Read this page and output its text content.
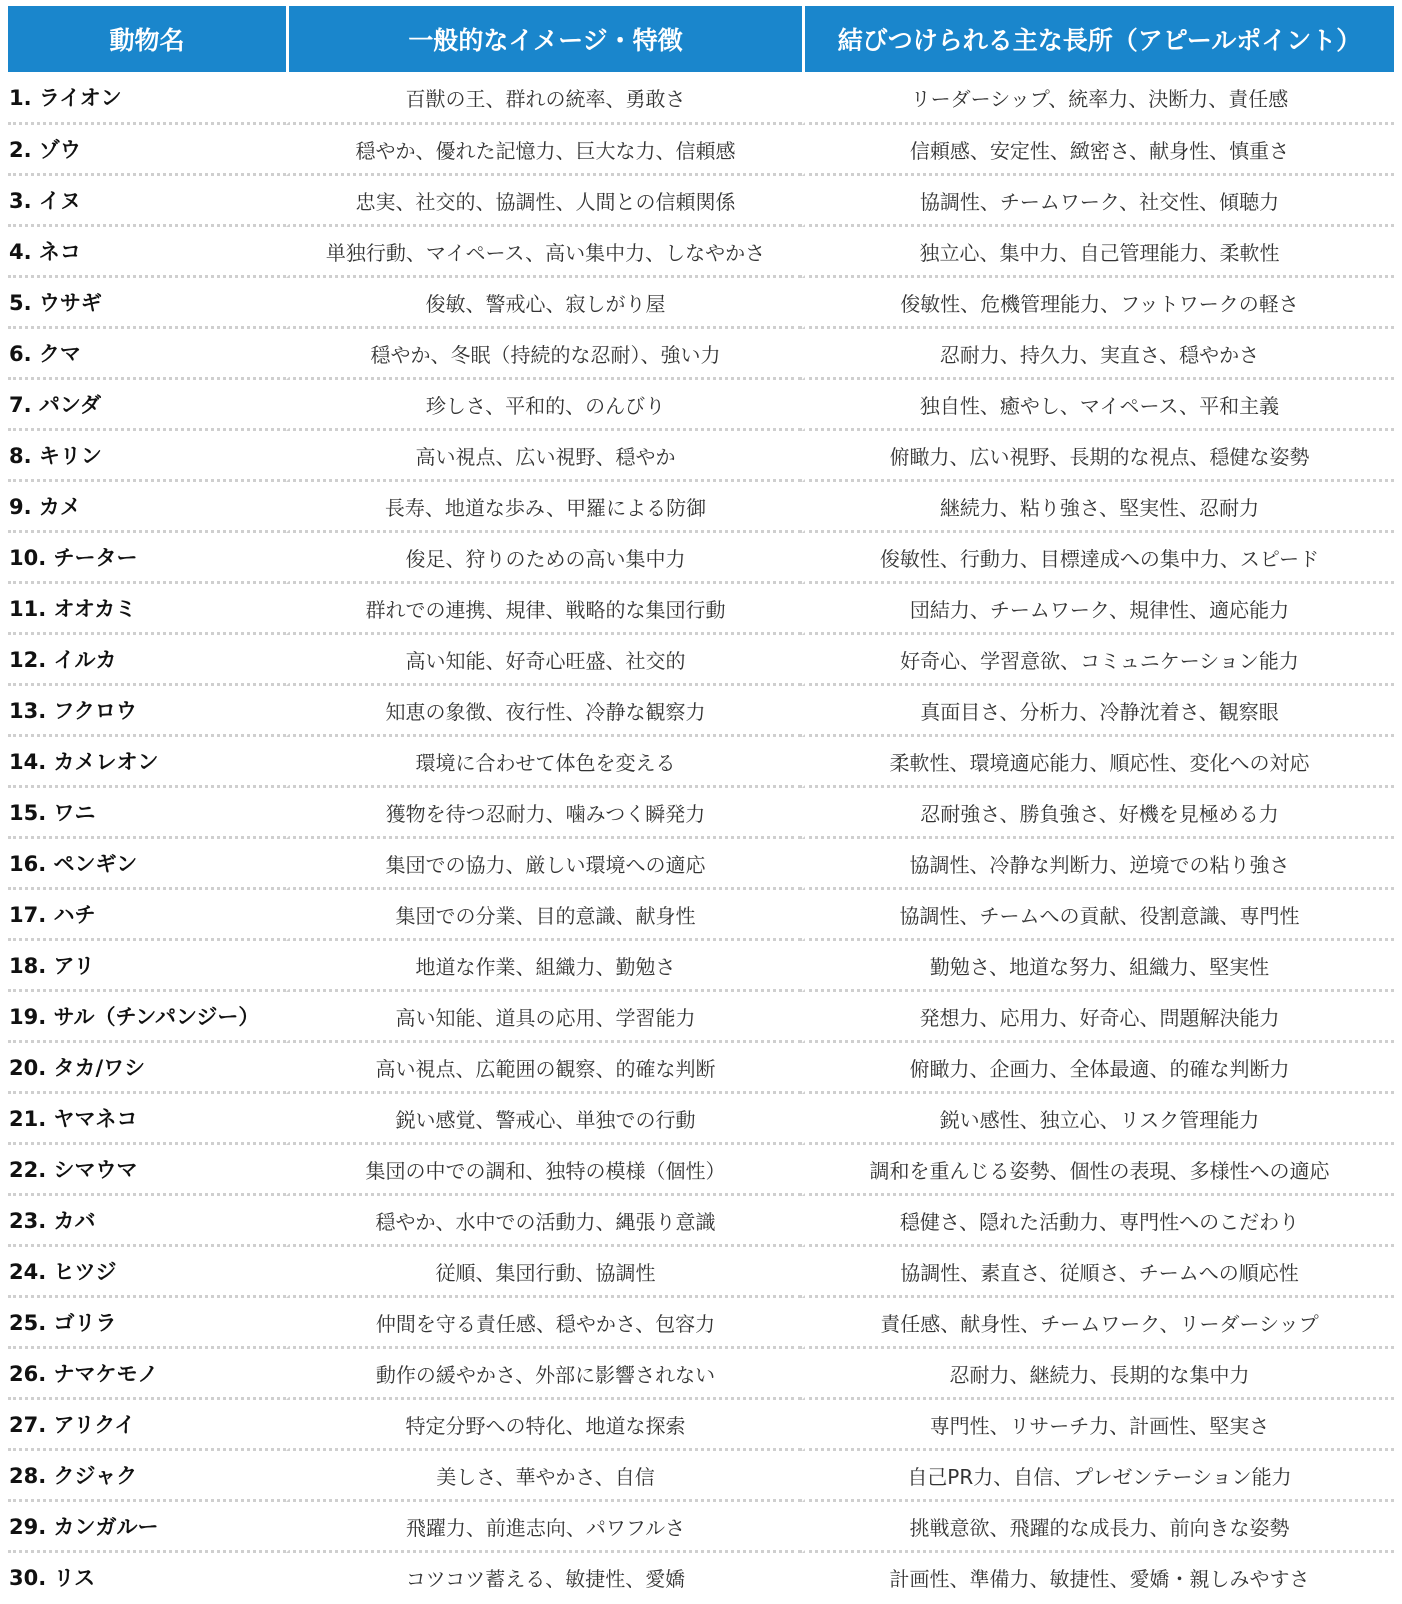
動物名	一般的なイメージ・特徴	結びつけられる主な長所（アピールポイント）
1. ライオン	百獣の王、群れの統率、勇敢さ	リーダーシップ、統率力、決断力、責任感
2. ゾウ	穏やか、優れた記憶力、巨大な力、信頼感	信頼感、安定性、緻密さ、献身性、慎重さ
3. イヌ	忠実、社交的、協調性、人間との信頼関係	協調性、チームワーク、社交性、傾聴力
4. ネコ	単独行動、マイペース、高い集中力、しなやかさ	独立心、集中力、自己管理能力、柔軟性
5. ウサギ	俊敏、警戒心、寂しがり屋	俊敏性、危機管理能力、フットワークの軽さ
6. クマ	穏やか、冬眠（持続的な忍耐）、強い力	忍耐力、持久力、実直さ、穏やかさ
7. パンダ	珍しさ、平和的、のんびり	独自性、癒やし、マイペース、平和主義
8. キリン	高い視点、広い視野、穏やか	俯瞰力、広い視野、長期的な視点、穏健な姿勢
9. カメ	長寿、地道な歩み、甲羅による防御	継続力、粘り強さ、堅実性、忍耐力
10. チーター	俊足、狩りのための高い集中力	俊敏性、行動力、目標達成への集中力、スピード
11. オオカミ	群れでの連携、規律、戦略的な集団行動	団結力、チームワーク、規律性、適応能力
12. イルカ	高い知能、好奇心旺盛、社交的	好奇心、学習意欲、コミュニケーション能力
13. フクロウ	知恵の象徴、夜行性、冷静な観察力	真面目さ、分析力、冷静沈着さ、観察眼
14. カメレオン	環境に合わせて体色を変える	柔軟性、環境適応能力、順応性、変化への対応
15. ワニ	獲物を待つ忍耐力、噛みつく瞬発力	忍耐強さ、勝負強さ、好機を見極める力
16. ペンギン	集団での協力、厳しい環境への適応	協調性、冷静な判断力、逆境での粘り強さ
17. ハチ	集団での分業、目的意識、献身性	協調性、チームへの貢献、役割意識、専門性
18. アリ	地道な作業、組織力、勤勉さ	勤勉さ、地道な努力、組織力、堅実性
19. サル（チンパンジー）	高い知能、道具の応用、学習能力	発想力、応用力、好奇心、問題解決能力
20. タカ/ワシ	高い視点、広範囲の観察、的確な判断	俯瞰力、企画力、全体最適、的確な判断力
21. ヤマネコ	鋭い感覚、警戒心、単独での行動	鋭い感性、独立心、リスク管理能力
22. シマウマ	集団の中での調和、独特の模様（個性）	調和を重んじる姿勢、個性の表現、多様性への適応
23. カバ	穏やか、水中での活動力、縄張り意識	穏健さ、隠れた活動力、専門性へのこだわり
24. ヒツジ	従順、集団行動、協調性	協調性、素直さ、従順さ、チームへの順応性
25. ゴリラ	仲間を守る責任感、穏やかさ、包容力	責任感、献身性、チームワーク、リーダーシップ
26. ナマケモノ	動作の緩やかさ、外部に影響されない	忍耐力、継続力、長期的な集中力
27. アリクイ	特定分野への特化、地道な探索	専門性、リサーチ力、計画性、堅実さ
28. クジャク	美しさ、華やかさ、自信	自己PR力、自信、プレゼンテーション能力
29. カンガルー	飛躍力、前進志向、パワフルさ	挑戦意欲、飛躍的な成長力、前向きな姿勢
30. リス	コツコツ蓄える、敏捷性、愛嬌	計画性、準備力、敏捷性、愛嬌・親しみやすさ
